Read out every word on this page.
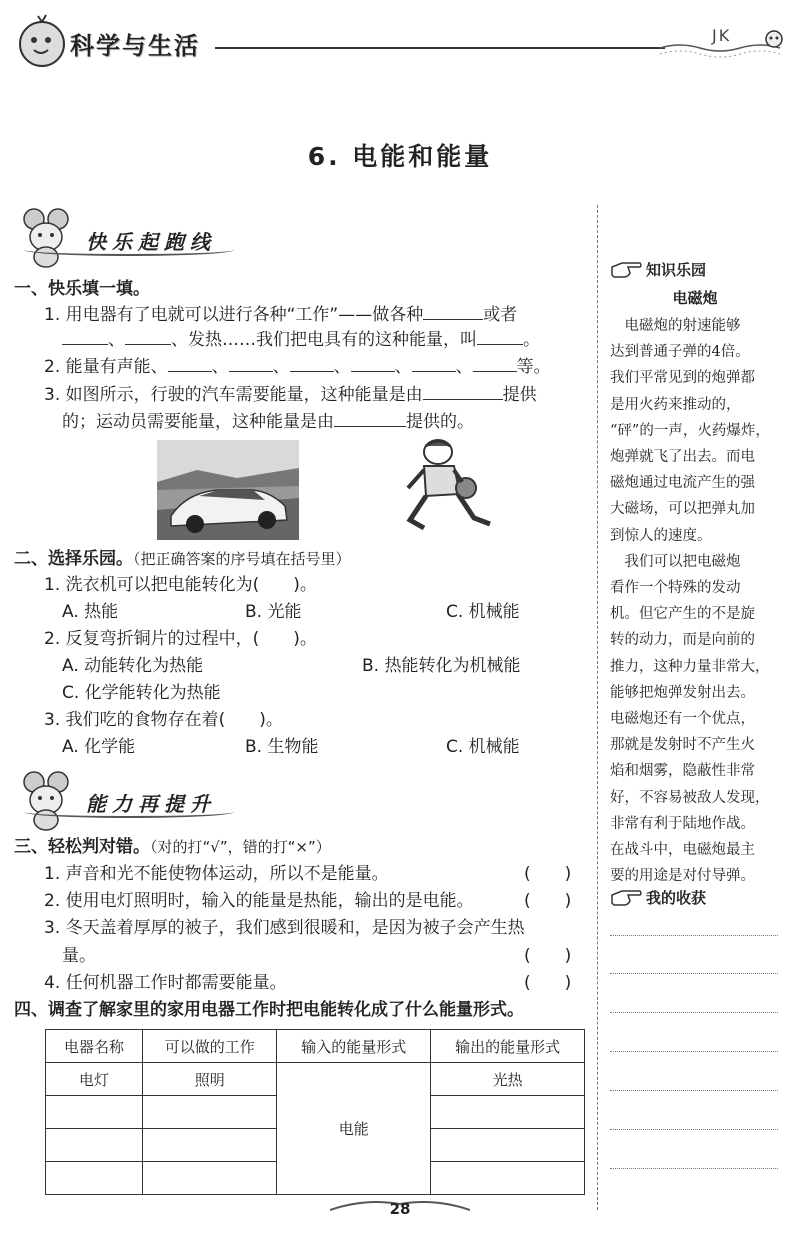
科学与生活	JK
6. 电能和能量
快乐起跑线
一、快乐填一填。
1. 用电器有了电就可以进行各种“工作”——做各种	或者
、	、发热……我们把电具有的这种能量，叫	。
2. 能量有声能、	、	、	、	、	、	等。
3. 如图所示，行驶的汽车需要能量，这种能量是由	提供
的；运动员需要能量，这种能量是由	提供的。
二、选择乐园。（把正确答案的序号填在括号里）
1. 洗衣机可以把电能转化为(　　)。
A. 热能	B. 光能	C. 机械能
2. 反复弯折铜片的过程中，(　　)。
A. 动能转化为热能	B. 热能转化为机械能
C. 化学能转化为热能
3. 我们吃的食物存在着(　　)。
A. 化学能	B. 生物能	C. 机械能
能力再提升
三、轻松判对错。（对的打“√”，错的打“×”）
1. 声音和光不能使物体运动，所以不是能量。	(　　)
2. 使用电灯照明时，输入的能量是热能，输出的是电能。	(　　)
3. 冬天盖着厚厚的被子，我们感到很暖和，是因为被子会产生热
量。	(　　)
4. 任何机器工作时都需要能量。	(　　)
四、调查了解家里的家用电器工作时把电能转化成了什么能量形式。
电器名称	可以做的工作	输入的能量形式	输出的能量形式
电灯	照明	电能	光热

知识乐园
电磁炮
　电磁炮的射速能够
达到普通子弹的4倍。
我们平常见到的炮弹都
是用火药来推动的，
“砰”的一声，火药爆炸，
炮弹就飞了出去。而电
磁炮通过电流产生的强
大磁场，可以把弹丸加
到惊人的速度。
　我们可以把电磁炮
看作一个特殊的发动
机。但它产生的不是旋
转的动力，而是向前的
推力，这种力量非常大，
能够把炮弹发射出去。
电磁炮还有一个优点，
那就是发射时不产生火
焰和烟雾，隐蔽性非常
好，不容易被敌人发现，
非常有利于陆地作战。
在战斗中，电磁炮最主
要的用途是对付导弹。
我的收获
28
